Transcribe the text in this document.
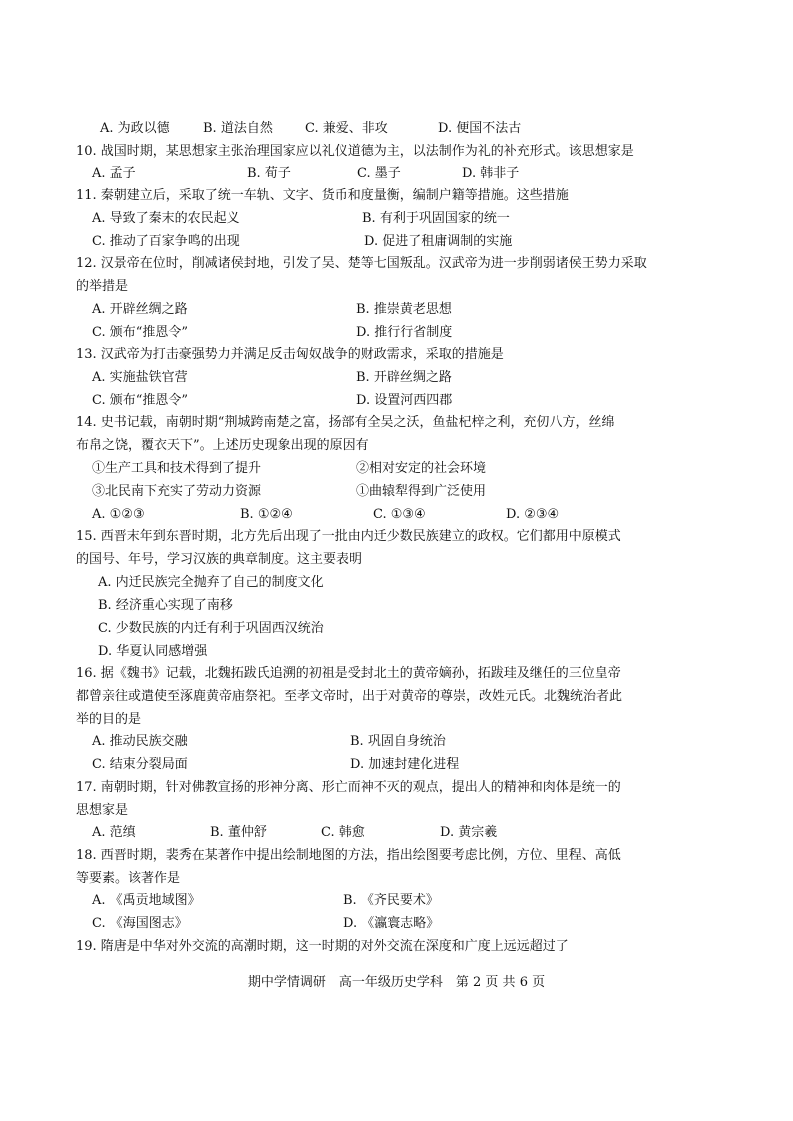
A. 为政以德	B. 道法自然 C. 兼爱、非攻	D. 便国不法古
10. 战国时期，某思想家主张治理国家应以礼仪道德为主，以法制作为礼的补充形式。该思想家是
A. 孟子	B. 荀子	C. 墨子	D. 韩非子
11. 秦朝建立后，采取了统一车轨、文字、货币和度量衡，编制户籍等措施。这些措施
A. 导致了秦末的农民起义	B. 有利于巩固国家的统一
C. 推动了百家争鸣的出现	D. 促进了租庸调制的实施
12. 汉景帝在位时，削减诸侯封地，引发了吴、楚等七国叛乱。汉武帝为进一步削弱诸侯王势力采取
的举措是
A. 开辟丝绸之路	B. 推崇黄老思想
C. 颁布“推恩令”	D. 推行行省制度
13. 汉武帝为打击豪强势力并满足反击匈奴战争的财政需求，采取的措施是
A. 实施盐铁官营	B. 开辟丝绸之路
C. 颁布“推恩令”	D. 设置河西四郡
14. 史书记载，南朝时期“荆城跨南楚之富，扬部有全吴之沃，鱼盐杞梓之利，充仞八方，丝绵
布帛之饶，覆衣天下”。上述历史现象出现的原因有
①生产工具和技术得到了提升	②相对安定的社会环境
③北民南下充实了劳动力资源	①曲辕犁得到广泛使用
A. ①②③	B. ①②④	C. ①③④	D. ②③④
15. 西晋末年到东晋时期，北方先后出现了一批由内迁少数民族建立的政权。它们都用中原模式
的国号、年号，学习汉族的典章制度。这主要表明
A. 内迁民族完全抛弃了自己的制度文化
B. 经济重心实现了南移
C. 少数民族的内迁有利于巩固西汉统治
D. 华夏认同感增强
16. 据《魏书》记载，北魏拓跋氏追溯的初祖是受封北土的黄帝嫡孙，拓跋珪及继任的三位皇帝
都曾亲往或遣使至涿鹿黄帝庙祭祀。至孝文帝时，出于对黄帝的尊崇，改姓元氏。北魏统治者此
举的目的是
A. 推动民族交融	B. 巩固自身统治
C. 结束分裂局面	D. 加速封建化进程
17. 南朝时期，针对佛教宣扬的形神分离、形亡而神不灭的观点，提出人的精神和肉体是统一的
思想家是
A. 范缜	B. 董仲舒	C. 韩愈	D. 黄宗羲
18. 西晋时期，裴秀在某著作中提出绘制地图的方法，指出绘图要考虑比例，方位、里程、高低
等要素。该著作是
A. 《禹贡地域图》	B. 《齐民要术》
C. 《海国图志》	D. 《瀛寰志略》
19. 隋唐是中华对外交流的高潮时期，这一时期的对外交流在深度和广度上远远超过了
期中学情调研　高一年级历史学科　第 2 页 共 6 页
